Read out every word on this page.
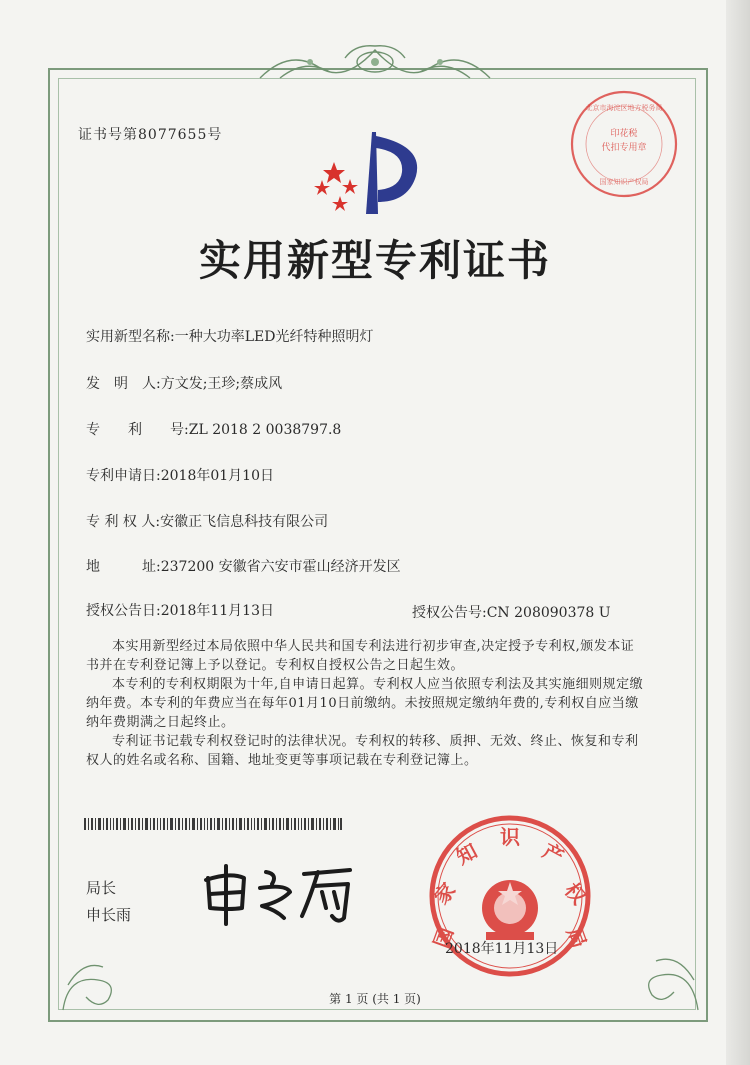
印花税
代扣专用章
北京市海淀区地方税务局
国家知识产权局
证书号第8077655号
实用新型专利证书
实用新型名称:一种大功率LED光纤特种照明灯
发　明　人:方文发;王珍;蔡成风
专　　利　　号:ZL 2018 2 0038797.8
专利申请日:2018年01月10日
专 利 权 人:安徽正飞信息科技有限公司
地　　　址:237200 安徽省六安市霍山经济开发区
授权公告日:2018年11月13日	授权公告号:CN 208090378 U

本实用新型经过本局依照中华人民共和国专利法进行初步审查,决定授予专利权,颁发本证书并在专利登记簿上予以登记。专利权自授权公告之日起生效。

本专利的专利权期限为十年,自申请日起算。专利权人应当依照专利法及其实施细则规定缴纳年费。本专利的年费应当在每年01月10日前缴纳。未按照规定缴纳年费的,专利权自应当缴纳年费期满之日起终止。

专利证书记载专利权登记时的法律状况。专利权的转移、质押、无效、终止、恢复和专利权人的姓名或名称、国籍、地址变更等事项记载在专利登记簿上。

局长
申长雨
国
家
知
识
产
权
局
2018年11月13日
第 1 页 (共 1 页)
